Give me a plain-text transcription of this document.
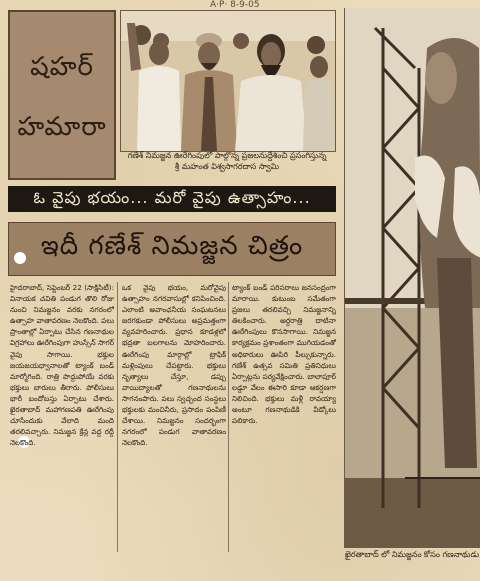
A·P· 8-9-05
షహర్
హమారా
గణేశ్ నిమజ్జన ఊరేగింపులో పాల్గొన్న ప్రజలనుద్దేశించి ప్రసంగిస్తున్న
శ్రీ మహంత విశ్వసాగరదాస స్వామి
ఖైరతాబాద్ లో నిమజ్జనం కోసం గణనాథుడు
ఓ వైపు భయం... మరో వైపు ఉత్సాహం...
ఇదీ గణేశ్ నిమజ్జన చిత్రం
హైదరాబాద్, సెప్టెంబర్ 22 (సాక్షిసిటీ): వినాయక చవితి పండుగ తొలి రోజు నుంచి నిమజ్జనం వరకు నగరంలో ఉత్సాహ వాతావరణం నెలకొంది. పలు ప్రాంతాల్లో ఏర్పాటు చేసిన గణనాథుల విగ్రహాలు ఊరేగింపుగా హుస్సేన్ సాగర్ వైపు సాగాయి. భక్తుల జయజయధ్వానాలతో ట్యాంక్ బండ్ మార్మోగింది. రాత్రి పొద్దుపోయే వరకు భక్తులు బారులు తీరారు. పోలీసులు భారీ బందోబస్తు ఏర్పాటు చేశారు. ఖైరతాబాద్ మహాగణపతి ఊరేగింపు చూసేందుకు వేలాది మంది తరలివచ్చారు. నిమజ్జన క్రేన్ల వద్ద రద్దీ నెలకొంది.
ఒక వైపు భయం, మరోవైపు ఉత్సాహం నగరవాసుల్లో కనిపించింది. ఎలాంటి అవాంఛనీయ సంఘటనలు జరగకుండా పోలీసులు అప్రమత్తంగా వ్యవహరించారు. ప్రధాన కూడళ్లలో భద్రతా బలగాలను మోహరించారు. ఊరేగింపు మార్గాల్లో ట్రాఫిక్ మళ్లింపులు చేపట్టారు. భక్తులు నృత్యాలు చేస్తూ, డప్పు వాయిద్యాలతో గణనాథులను సాగనంపారు. పలు స్వచ్ఛంద సంస్థలు భక్తులకు మంచినీరు, ప్రసాదం పంపిణీ చేశాయి. నిమజ్జనం సందర్భంగా నగరంలో పండుగ వాతావరణం నెలకొంది.
ట్యాంక్ బండ్ పరిసరాలు జనసంద్రంగా మారాయి. కుటుంబ సమేతంగా ప్రజలు తరలివచ్చి నిమజ్జనాన్ని తిలకించారు. అర్ధరాత్రి దాటినా ఊరేగింపులు కొనసాగాయి. నిమజ్జన కార్యక్రమం ప్రశాంతంగా ముగియడంతో అధికారులు ఊపిరి పీల్చుకున్నారు. గణేశ్ ఉత్సవ సమితి ప్రతినిధులు ఏర్పాట్లను పర్యవేక్షించారు. బాలాపూర్ లడ్డూ వేలం ఈసారి కూడా ఆకర్షణగా నిలిచింది. భక్తులు మళ్లీ రావయ్యా అంటూ గణనాథుడికి వీడ్కోలు పలికారు.
